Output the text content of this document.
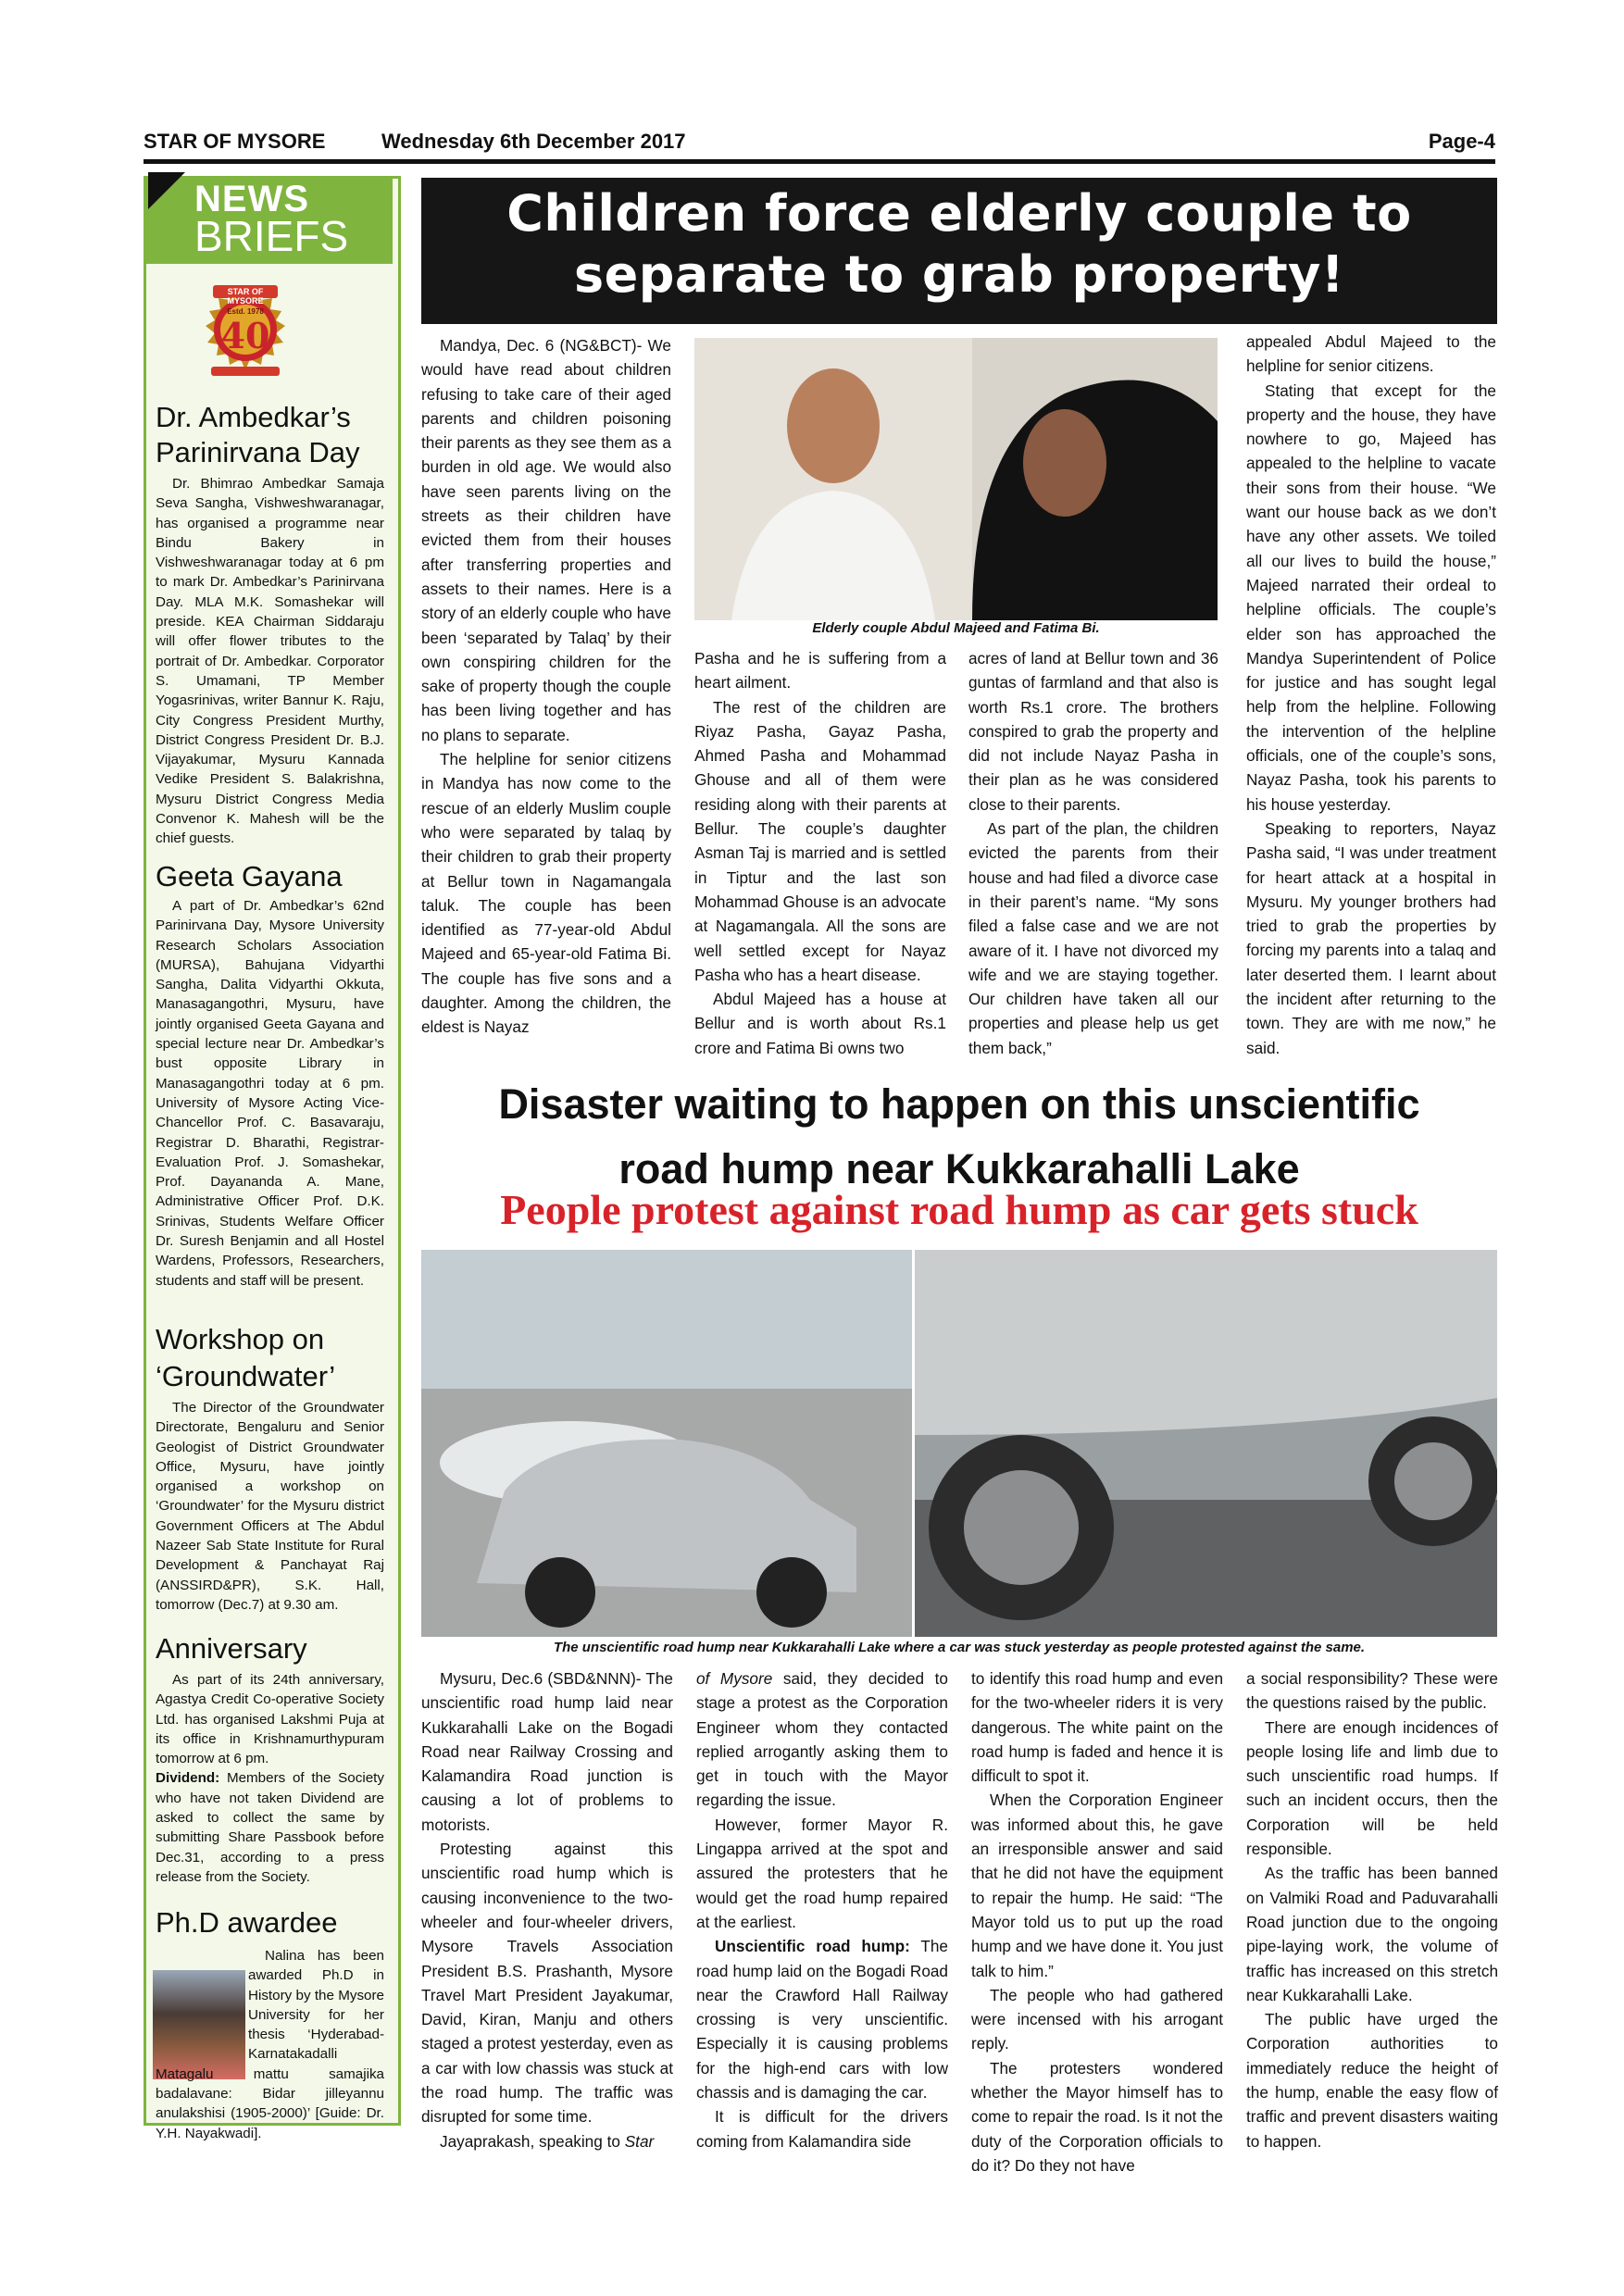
STAR OF MYSORE	Wednesday 6th December 2017	Page-4
NEWS
BRIEFS
STAR OF MYSORE
Estd. 1978
40
Dr. Ambedkar’s
Parinirvana Day
Dr. Bhimrao Ambedkar Samaja Seva Sangha, Vishweshwaranagar, has organised a programme near Bindu Bakery in Vishweshwaranagar today at 6 pm to mark Dr. Ambedkar’s Parinirvana Day. MLA M.K. Somashekar will preside. KEA Chairman Siddaraju will offer flower tributes to the portrait of Dr. Ambedkar. Corporator S. Umamani, TP Member Yogasrinivas, writer Bannur K. Raju, City Congress President Murthy, District Congress President Dr. B.J. Vijayakumar, Mysuru Kannada Vedike President S. Balakrishna, Mysuru District Congress Media Convenor K. Mahesh will be the chief guests.
Geeta Gayana
A part of Dr. Ambedkar’s 62nd Parinirvana Day, Mysore University Research Scholars Association (MURSA), Bahujana Vidyarthi Sangha, Dalita Vidyarthi Okkuta, Manasagangothri, Mysuru, have jointly organised Geeta Gayana and special lecture near Dr. Ambedkar’s bust opposite Library in Manasagangothri today at 6 pm. University of Mysore Acting Vice-Chancellor Prof. C. Basavaraju, Registrar D. Bharathi, Registrar-Evaluation Prof. J. Somashekar, Prof. Dayananda A. Mane, Administrative Officer Prof. D.K. Srinivas, Students Welfare Officer Dr. Suresh Benjamin and all Hostel Wardens, Professors, Researchers, students and staff will be present.
Workshop on
‘Groundwater’
The Director of the Groundwater Directorate, Bengaluru and Senior Geologist of District Groundwater Office, Mysuru, have jointly organised a workshop on ‘Groundwater’ for the Mysuru district Government Officers at The Abdul Nazeer Sab State Institute for Rural Development & Panchayat Raj (ANSSIRD&PR), S.K. Hall, tomorrow (Dec.7) at 9.30 am.
Anniversary
As part of its 24th anniversary, Agastya Credit Co-operative Society Ltd. has organised Lakshmi Puja at its office in Krishnamurthypuram tomorrow at 6 pm.
Dividend: Members of the Society who have not taken Dividend are asked to collect the same by submitting Share Passbook before Dec.31, according to a press release from the Society.
Ph.D awardee
Nalina has been awarded Ph.D in History by the Mysore University for her thesis ‘Hyderabad-Karnatakadalli Matagalu mattu samajika badalavane: Bidar jilleyannu anulakshisi (1905-2000)’ [Guide: Dr. Y.H. Nayakwadi].
Children force elderly couple to
separate to grab property!

Mandya, Dec. 6 (NG&BCT)- We would have read about children refusing to take care of their aged parents and children poisoning their parents as they see them as a burden in old age. We would also have seen parents living on the streets as their children have evicted them from their houses after transferring properties and assets to their names. Here is a story of an elderly couple who have been ‘separated by Talaq’ by their own conspiring children for the sake of property though the couple has been living together and has no plans to separate.

The helpline for senior citizens in Mandya has now come to the rescue of an elderly Muslim couple who were separated by talaq by their children to grab their property at Bellur town in Nagamangala taluk. The couple has been identified as 77-year-old Abdul Majeed and 65-year-old Fatima Bi. The couple has five sons and a daughter. Among the children, the eldest is Nayaz

Elderly couple Abdul Majeed and Fatima Bi.

Pasha and he is suffering from a heart ailment.

The rest of the children are Riyaz Pasha, Gayaz Pasha, Ahmed Pasha and Mohammad Ghouse and all of them were residing along with their parents at Bellur. The couple’s daughter Asman Taj is married and is settled in Tiptur and the last son Mohammad Ghouse is an advocate at Nagamangala. All the sons are well settled except for Nayaz Pasha who has a heart disease.

Abdul Majeed has a house at Bellur and is worth about Rs.1 crore and Fatima Bi owns two

acres of land at Bellur town and 36 guntas of farmland and that also is worth Rs.1 crore. The brothers conspired to grab the property and did not include Nayaz Pasha in their plan as he was considered close to their parents.

As part of the plan, the children evicted the parents from their house and had filed a divorce case in their parent’s name. “My sons filed a false case and we are not aware of it. I have not divorced my wife and we are staying together. Our children have taken all our properties and please help us get them back,”

appealed Abdul Majeed to the helpline for senior citizens.

Stating that except for the property and the house, they have nowhere to go, Majeed has appealed to the helpline to vacate their sons from their house. “We want our house back as we don’t have any other assets. We toiled all our lives to build the house,” Majeed narrated their ordeal to helpline officials. The couple’s elder son has approached the Mandya Superintendent of Police for justice and has sought legal help from the helpline. Following the intervention of the helpline officials, one of the couple’s sons, Nayaz Pasha, took his parents to his house yesterday.

Speaking to reporters, Nayaz Pasha said, “I was under treatment for heart attack at a hospital in Mysuru. My younger brothers had tried to grab the properties by forcing my parents into a talaq and later deserted them. I learnt about the incident after returning to the town. They are with me now,” he said.

Disaster waiting to happen on this unscientific
road hump near Kukkarahalli Lake
People protest against road hump as car gets stuck
The unscientific road hump near Kukkarahalli Lake where a car was stuck yesterday as people protested against the same.

Mysuru, Dec.6 (SBD&NNN)- The unscientific road hump laid near Kukkarahalli Lake on the Bogadi Road near Railway Crossing and Kalamandira Road junction is causing a lot of problems to motorists.

Protesting against this unscientific road hump which is causing inconvenience to the two-wheeler and four-wheeler drivers, Mysore Travels Association President B.S. Prashanth, Mysore Travel Mart President Jayakumar, David, Kiran, Manju and others staged a protest yesterday, even as a car with low chassis was stuck at the road hump. The traffic was disrupted for some time.

Jayaprakash, speaking to Star

of Mysore said, they decided to stage a protest as the Corporation Engineer whom they contacted replied arrogantly asking them to get in touch with the Mayor regarding the issue.

However, former Mayor R. Lingappa arrived at the spot and assured the protesters that he would get the road hump repaired at the earliest.

Unscientific road hump: The road hump laid on the Bogadi Road near the Crawford Hall Railway crossing is very unscientific. Especially it is causing problems for the high-end cars with low chassis and is damaging the car.

It is difficult for the drivers coming from Kalamandira side

to identify this road hump and even for the two-wheeler riders it is very dangerous. The white paint on the road hump is faded and hence it is difficult to spot it.

When the Corporation Engineer was informed about this, he gave an irresponsible answer and said that he did not have the equipment to repair the hump. He said: “The Mayor told us to put up the road hump and we have done it. You just talk to him.”

The people who had gathered were incensed with his arrogant reply.

The protesters wondered whether the Mayor himself has to come to repair the road. Is it not the duty of the Corporation officials to do it? Do they not have

a social responsibility? These were the questions raised by the public.

There are enough incidences of people losing life and limb due to such unscientific road humps. If such an incident occurs, then the Corporation will be held responsible.

As the traffic has been banned on Valmiki Road and Paduvarahalli Road junction due to the ongoing pipe-laying work, the volume of traffic has increased on this stretch near Kukkarahalli Lake.

The public have urged the Corporation authorities to immediately reduce the height of the hump, enable the easy flow of traffic and prevent disasters waiting to happen.
